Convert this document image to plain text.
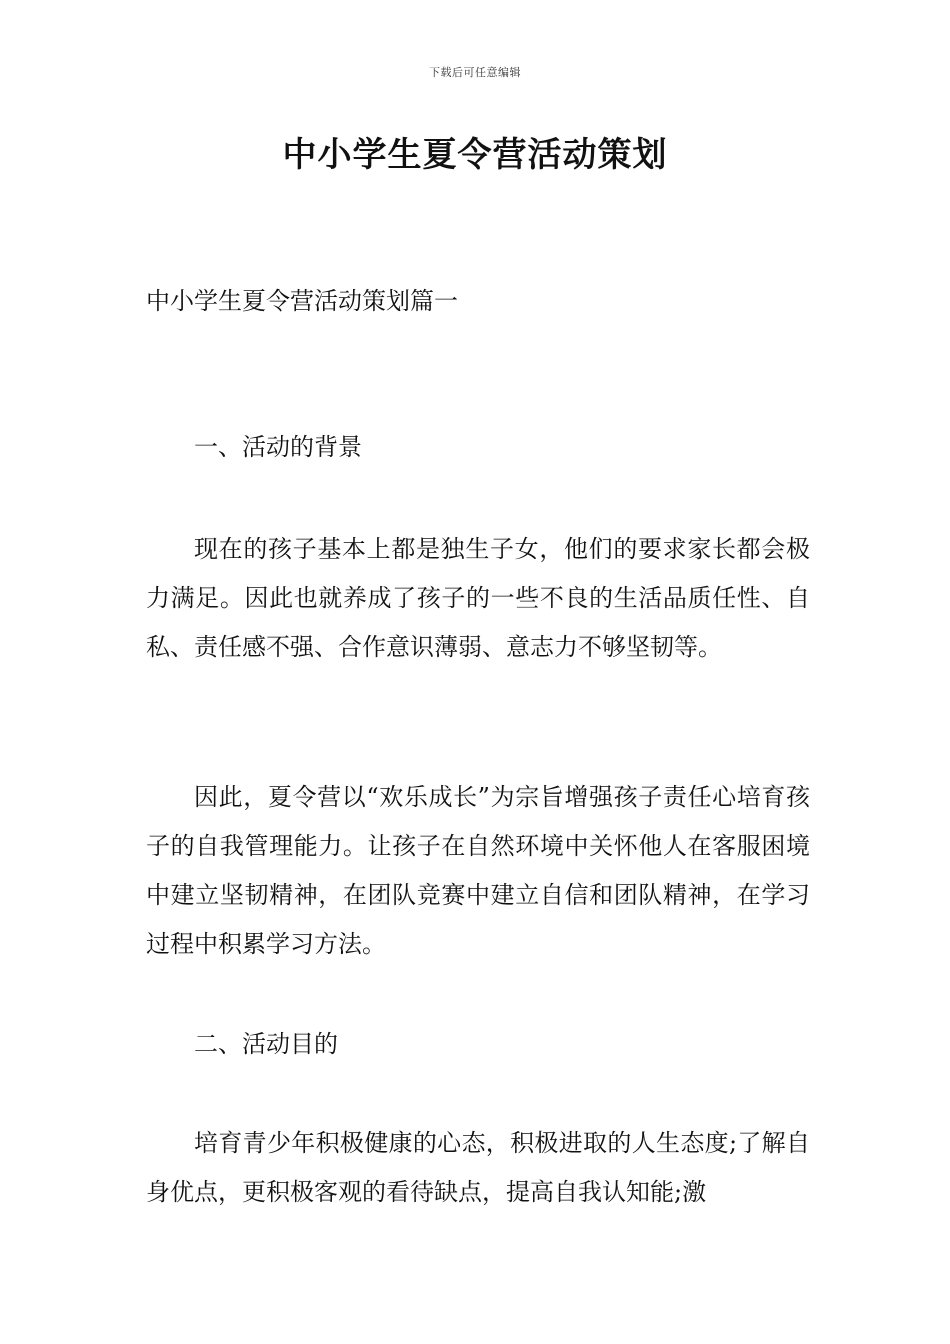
下载后可任意编辑
中小学生夏令营活动策划
中小学生夏令营活动策划篇一
一、活动的背景
现在的孩子基本上都是独生子女，他们的要求家长都会极力满足。因此也就养成了孩子的一些不良的生活品质任性、自私、责任感不强、合作意识薄弱、意志力不够坚韧等。
因此，夏令营以“欢乐成长”为宗旨增强孩子责任心培育孩子的自我管理能力。让孩子在自然环境中关怀他人在客服困境中建立坚韧精神，在团队竞赛中建立自信和团队精神，在学习过程中积累学习方法。
二、活动目的
培育青少年积极健康的心态，积极进取的人生态度;了解自身优点，更积极客观的看待缺点，提高自我认知能;激
